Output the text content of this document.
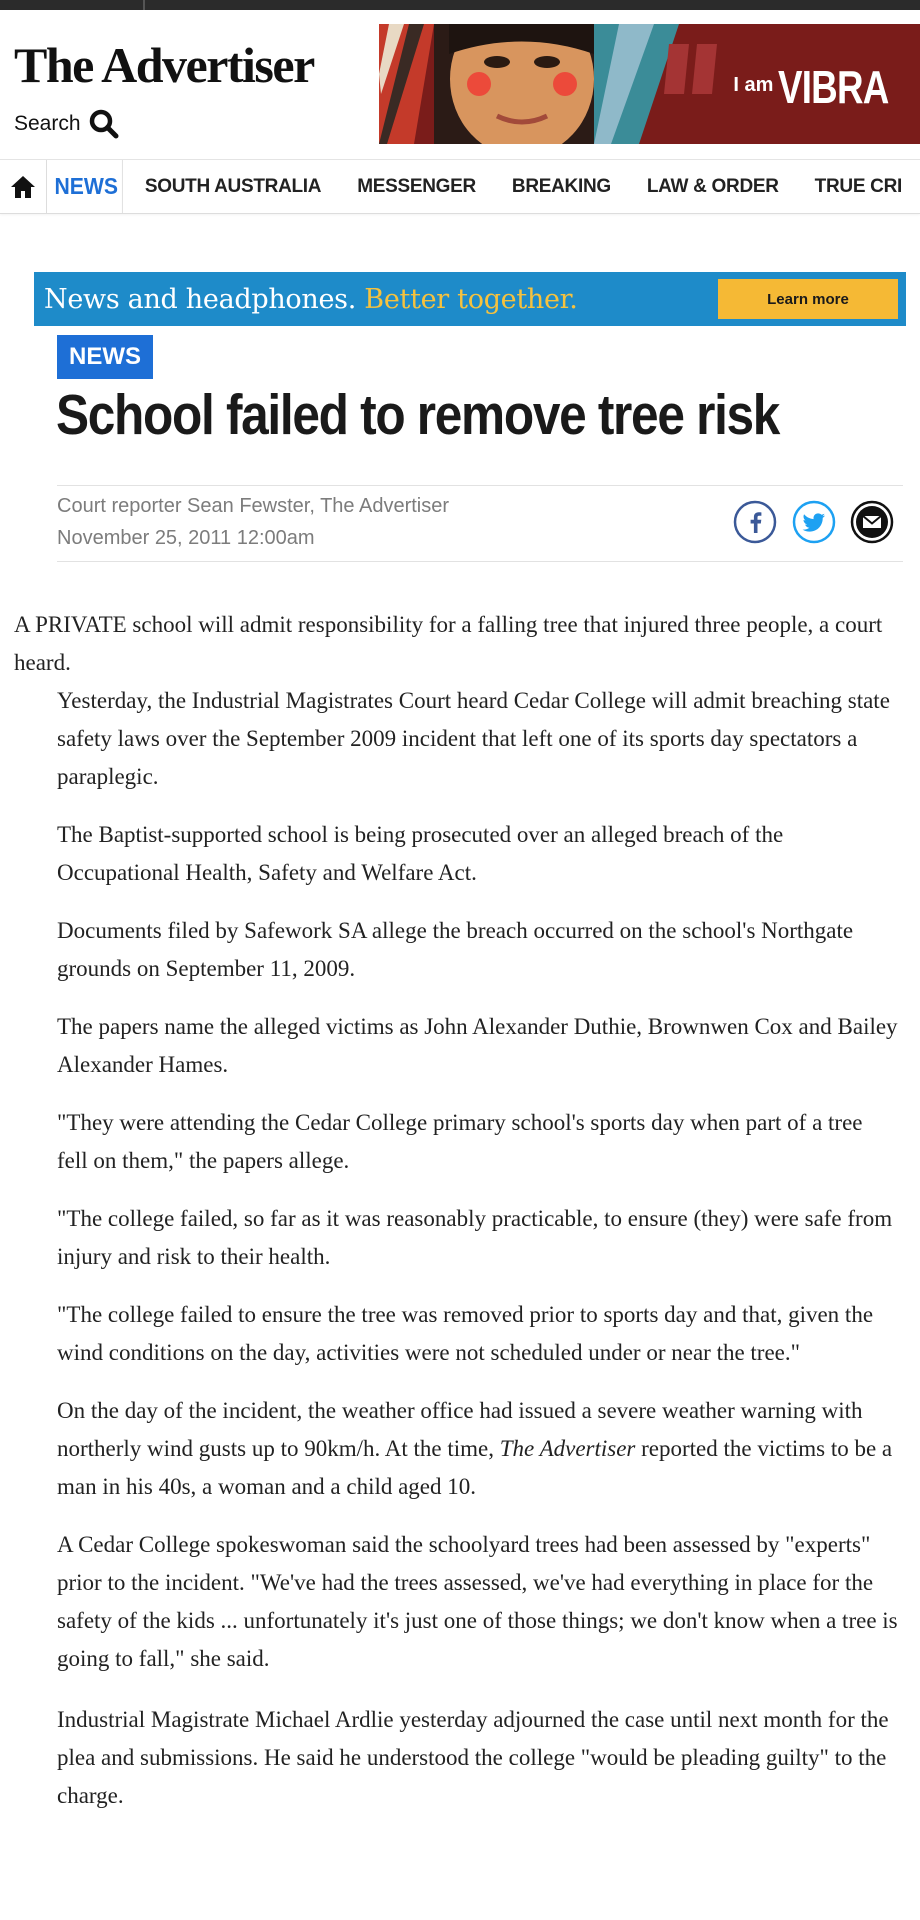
The Advertiser
Search
I am VIBRA
NEWS	SOUTH AUSTRALIA	MESSENGER	BREAKING	LAW & ORDER	TRUE CRI
News and headphones. Better together.	Learn more
NEWS
School failed to remove tree risk
Court reporter Sean Fewster, The Advertiser
November 25, 2011 12:00am

A PRIVATE school will admit responsibility for a falling tree that injured three people, a court heard.

Yesterday, the Industrial Magistrates Court heard Cedar College will admit breaching state safety laws over the September 2009 incident that left one of its sports day spectators a paraplegic.

The Baptist-supported school is being prosecuted over an alleged breach of the Occupational Health, Safety and Welfare Act.

Documents filed by Safework SA allege the breach occurred on the school's Northgate grounds on September 11, 2009.

The papers name the alleged victims as John Alexander Duthie, Brownwen Cox and Bailey Alexander Hames.

"They were attending the Cedar College primary school's sports day when part of a tree fell on them," the papers allege.

"The college failed, so far as it was reasonably practicable, to ensure (they) were safe from injury and risk to their health.

"The college failed to ensure the tree was removed prior to sports day and that, given the wind conditions on the day, activities were not scheduled under or near the tree."

On the day of the incident, the weather office had issued a severe weather warning with northerly wind gusts up to 90km/h. At the time, The Advertiser reported the victims to be a man in his 40s, a woman and a child aged 10.

A Cedar College spokeswoman said the schoolyard trees had been assessed by "experts" prior to the incident. "We've had the trees assessed, we've had everything in place for the safety of the kids ... unfortunately it's just one of those things; we don't know when a tree is going to fall," she said.

Industrial Magistrate Michael Ardlie yesterday adjourned the case until next month for the plea and submissions. He said he understood the college "would be pleading guilty" to the charge.
